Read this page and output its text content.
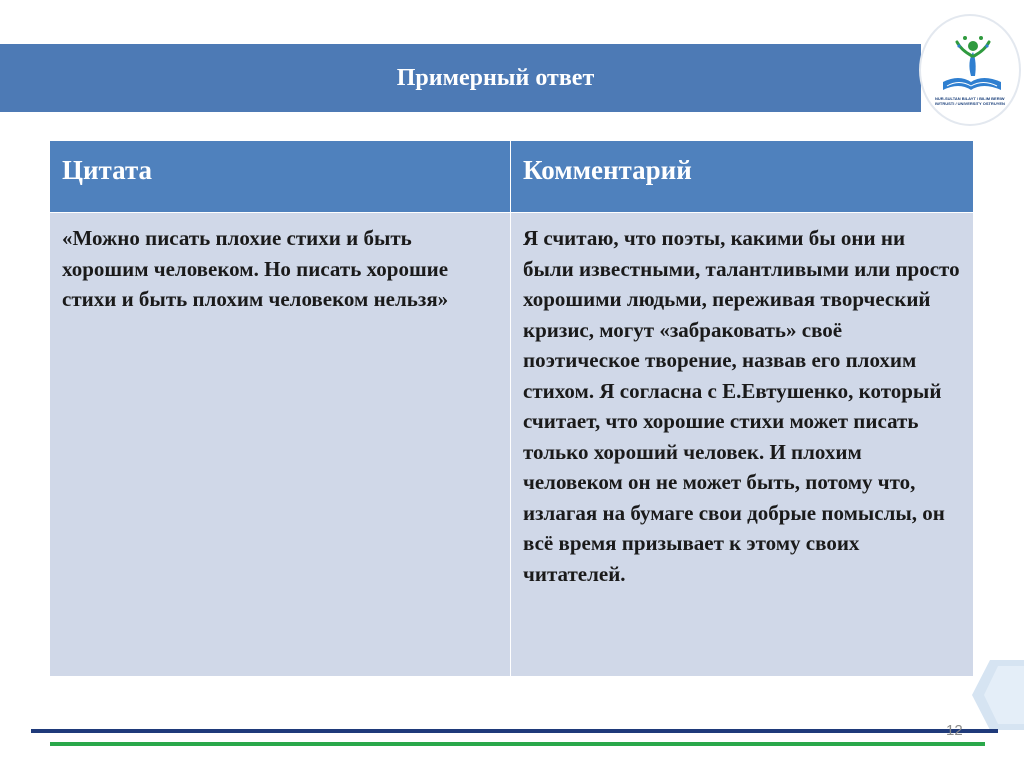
Примерный ответ
NUR-SULTAN BILAYT / BILIM BERIW IWTRUSTI / UNIVERSITY OSTRUYEN
Цитата	Комментарий
«Можно писать плохие стихи и быть хорошим человеком. Но писать хорошие стихи и быть плохим человеком нельзя»	Я считаю, что поэты, какими бы они ни были известными, талантливыми или просто хорошими людьми, переживая творческий кризис, могут «забраковать» своё поэтическое творение, назвав его плохим стихом. Я согласна с Е.Евтушенко, который считает, что хорошие стихи может писать только хороший человек. И плохим человеком он не может быть, потому что, излагая на бумаге свои добрые помыслы, он всё время призывает к этому своих читателей.
12
